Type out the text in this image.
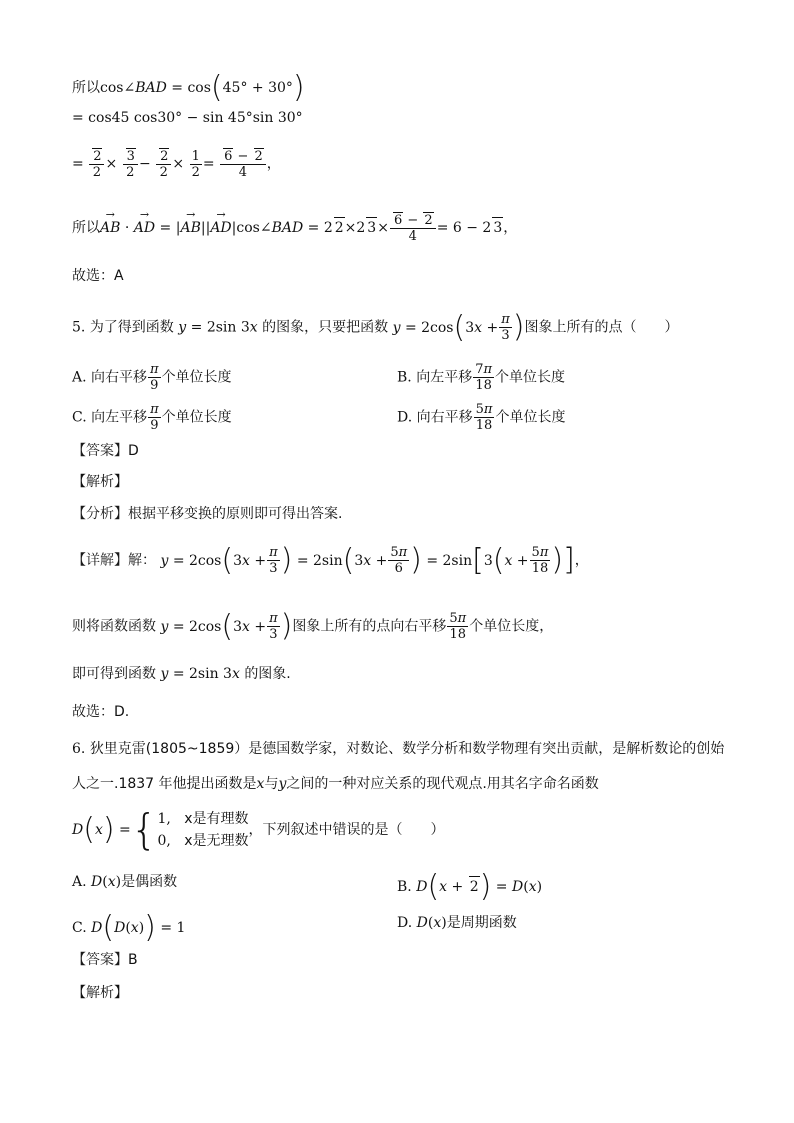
所以cos∠BAD = cos(45° + 30°)
= cos45 cos30° − sin 45°sin 30°
= $\frac{2}{2} \times \frac{3}{2} - \frac{2}{2} \times \frac{1}{2} = \frac{6 - 2}{4}$ ，
所以→ AB · → AD = |→ AB||→ AD|cos∠BAD = 2 2×2 $3\times \frac{6 - 2}{4} = 6 - 2$ 3，
故选：A
5. 为了得到函数 y = 2sin 3x 的图象，只要把函数 $y = 2\cos(3x + \frac{\pi}{3}$ )图象上所有的点（　　）
A. 向右平移 $\frac{\pi}{9}$ 个单位长度	B. 向左平移 $\frac{7\pi}{18}$ 个单位长度
C. 向左平移 $\frac{\pi}{9}$ 个单位长度	D. 向右平移 $\frac{5\pi}{18}$ 个单位长度
【答案】D
【解析】
【分析】根据平移变换的原则即可得出答案.
【详解】解： $y = 2\cos(3x + \frac{\pi}{3}$ ) = $2\sin(3x + \frac{5\pi}{6}$ ) = $2\sin[3(x + \frac{5\pi}{18}$ )]，
则将函数函数 $y = 2\cos(3x + \frac{\pi}{3}$ )图象上所有的点向右平移 $\frac{5\pi}{18}$ 个单位长度，
即可得到函数 y = 2sin 3x 的图象.
故选：D.
6. 狄里克雷(1805~1859）是德国数学家，对数论、数学分析和数学物理有突出贡献，是解析数论的创始
人之一.1837 年他提出函数是x与y之间的一种对应关系的现代观点.用其名字命名函数
D(x) ={ 1, x是有理数
0, x是无理数
，下列叙述中错误的是（　　）
A. D(x)是偶函数	B. D(x + 2) = D(x)
C. D(D(x)) = 1	D. D(x)是周期函数
【答案】B
【解析】
